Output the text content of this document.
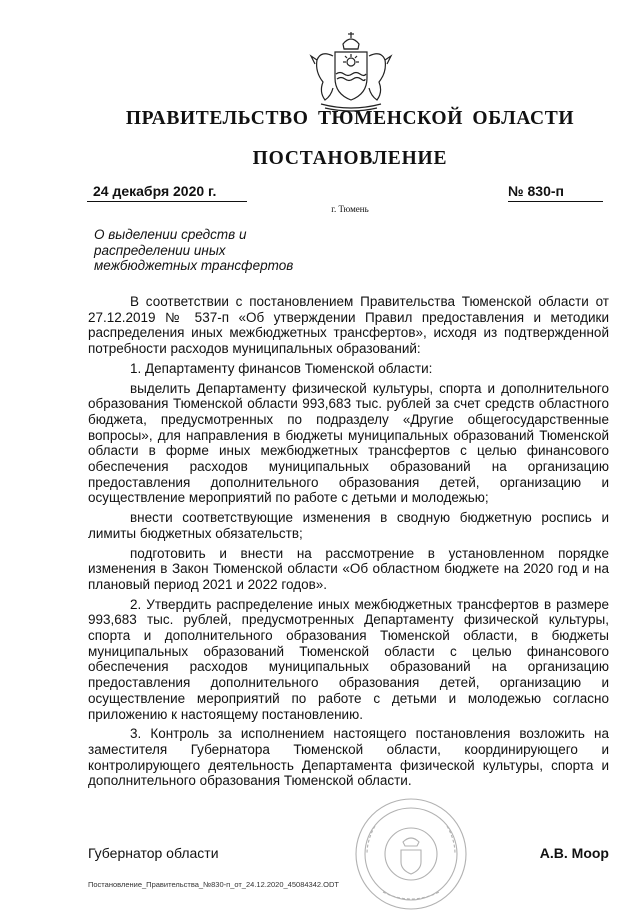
ПРАВИТЕЛЬСТВО ТЮМЕНСКОЙ ОБЛАСТИ
ПОСТАНОВЛЕНИЕ
24 декабря 2020 г.	№ 830-п
г. Тюмень
О выделении средств и
распределении иных
межбюджетных трансфертов

В соответствии с постановлением Правительства Тюменской области от 27.12.2019 № 537-п «Об утверждении Правил предоставления и методики распределения иных межбюджетных трансфертов», исходя из подтвержденной потребности расходов муниципальных образований:

1. Департаменту финансов Тюменской области:

выделить Департаменту физической культуры, спорта и дополнительного образования Тюменской области 993,683 тыс. рублей за счет средств областного бюджета, предусмотренных по подразделу «Другие общегосударственные вопросы», для направления в бюджеты муниципальных образований Тюменской области в форме иных межбюджетных трансфертов с целью финансового обеспечения расходов муниципальных образований на организацию предоставления дополнительного образования детей, организацию и осуществление мероприятий по работе с детьми и молодежью;

внести соответствующие изменения в сводную бюджетную роспись и лимиты бюджетных обязательств;

подготовить и внести на рассмотрение в установленном порядке изменения в Закон Тюменской области «Об областном бюджете на 2020 год и на плановый период 2021 и 2022 годов».

2. Утвердить распределение иных межбюджетных трансфертов в размере 993,683 тыс. рублей, предусмотренных Департаменту физической культуры, спорта и дополнительного образования Тюменской области, в бюджеты муниципальных образований Тюменской области с целью финансового обеспечения расходов муниципальных образований на организацию предоставления дополнительного образования детей, организацию и осуществление мероприятий по работе с детьми и молодежью согласно приложению к настоящему постановлению.

3. Контроль за исполнением настоящего постановления возложить на заместителя Губернатора Тюменской области, координирующего и контролирующего деятельность Департамента физической культуры, спорта и дополнительного образования Тюменской области.

Губернатор области	А.В. Моор
Постановление_Правительства_№830-п_от_24.12.2020_45084342.ODT
